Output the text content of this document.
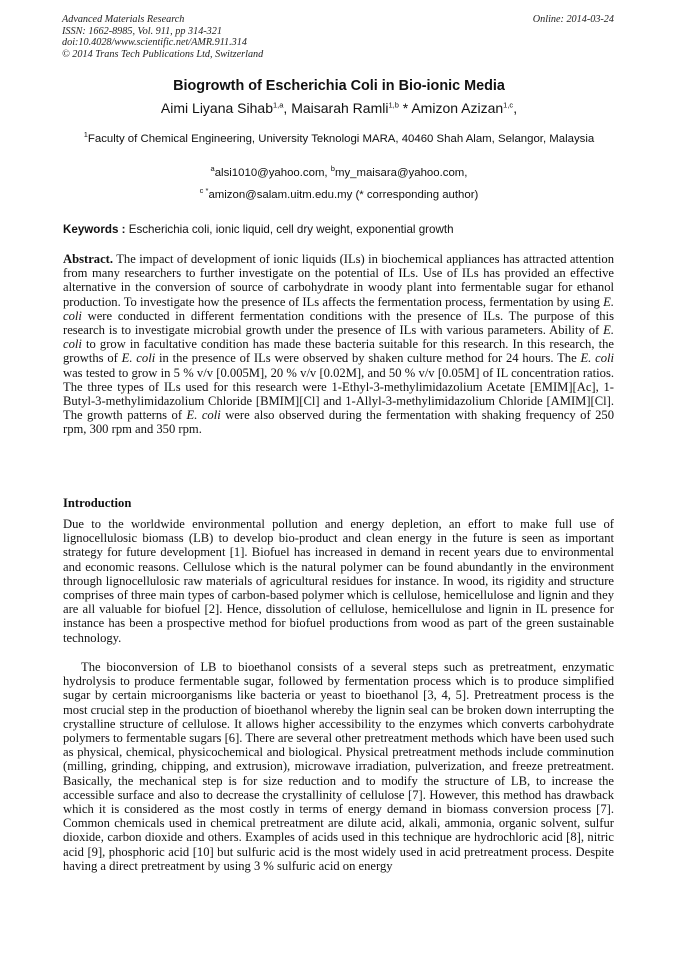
Advanced Materials Research
ISSN: 1662-8985, Vol. 911, pp 314-321
doi:10.4028/www.scientific.net/AMR.911.314
© 2014 Trans Tech Publications Ltd, Switzerland
Online: 2014-03-24
Biogrowth of Escherichia Coli in Bio-ionic Media
Aimi Liyana Sihab$^{1,a}$, Maisarah Ramli$^{1,b}$ * Amizon Azizan$^{1,c}$,
$^1$Faculty of Chemical Engineering, University Teknologi MARA, 40460 Shah Alam, Selangor, Malaysia
$^a$alsi1010@yahoo.com, $^b$my_maisara@yahoo.com,
$^{c *}$amizon@salam.uitm.edu.my (* corresponding author)
Keywords : Escherichia coli, ionic liquid, cell dry weight, exponential growth
Abstract. The impact of development of ionic liquids (ILs) in biochemical appliances has attracted attention from many researchers to further investigate on the potential of ILs. Use of ILs has provided an effective alternative in the conversion of source of carbohydrate in woody plant into fermentable sugar for ethanol production. To investigate how the presence of ILs affects the fermentation process, fermentation by using E. coli were conducted in different fermentation conditions with the presence of ILs. The purpose of this research is to investigate microbial growth under the presence of ILs with various parameters. Ability of E. coli to grow in facultative condition has made these bacteria suitable for this research. In this research, the growths of E. coli in the presence of ILs were observed by shaken culture method for 24 hours. The E. coli was tested to grow in 5 % v/v [0.005M], 20 % v/v [0.02M], and 50 % v/v [0.05M] of IL concentration ratios. The three types of ILs used for this research were 1-Ethyl-3-methylimidazolium Acetate [EMIM][Ac], 1-Butyl-3-methylimidazolium Chloride [BMIM][Cl] and 1-Allyl-3-methylimidazolium Chloride [AMIM][Cl]. The growth patterns of E. coli were also observed during the fermentation with shaking frequency of 250 rpm, 300 rpm and 350 rpm.
Introduction

Due to the worldwide environmental pollution and energy depletion, an effort to make full use of lignocellulosic biomass (LB) to develop bio-product and clean energy in the future is seen as important strategy for future development [1]. Biofuel has increased in demand in recent years due to environmental and economic reasons. Cellulose which is the natural polymer can be found abundantly in the environment through lignocellulosic raw materials of agricultural residues for instance. In wood, its rigidity and structure comprises of three main types of carbon-based polymer which is cellulose, hemicellulose and lignin and they are all valuable for biofuel [2]. Hence, dissolution of cellulose, hemicellulose and lignin in IL presence for instance has been a prospective method for biofuel productions from wood as part of the green sustainable technology.

The bioconversion of LB to bioethanol consists of a several steps such as pretreatment, enzymatic hydrolysis to produce fermentable sugar, followed by fermentation process which is to produce simplified sugar by certain microorganisms like bacteria or yeast to bioethanol [3, 4, 5]. Pretreatment process is the most crucial step in the production of bioethanol whereby the lignin seal can be broken down interrupting the crystalline structure of cellulose. It allows higher accessibility to the enzymes which converts carbohydrate polymers to fermentable sugars [6]. There are several other pretreatment methods which have been used such as physical, chemical, physicochemical and biological. Physical pretreatment methods include comminution (milling, grinding, chipping, and extrusion), microwave irradiation, pulverization, and freeze pretreatment. Basically, the mechanical step is for size reduction and to modify the structure of LB, to increase the accessible surface and also to decrease the crystallinity of cellulose [7]. However, this method has drawback which it is considered as the most costly in terms of energy demand in biomass conversion process [7]. Common chemicals used in chemical pretreatment are dilute acid, alkali, ammonia, organic solvent, sulfur dioxide, carbon dioxide and others. Examples of acids used in this technique are hydrochloric acid [8], nitric acid [9], phosphoric acid [10] but sulfuric acid is the most widely used in acid pretreatment process. Despite having a direct pretreatment by using 3 % sulfuric acid on energy
